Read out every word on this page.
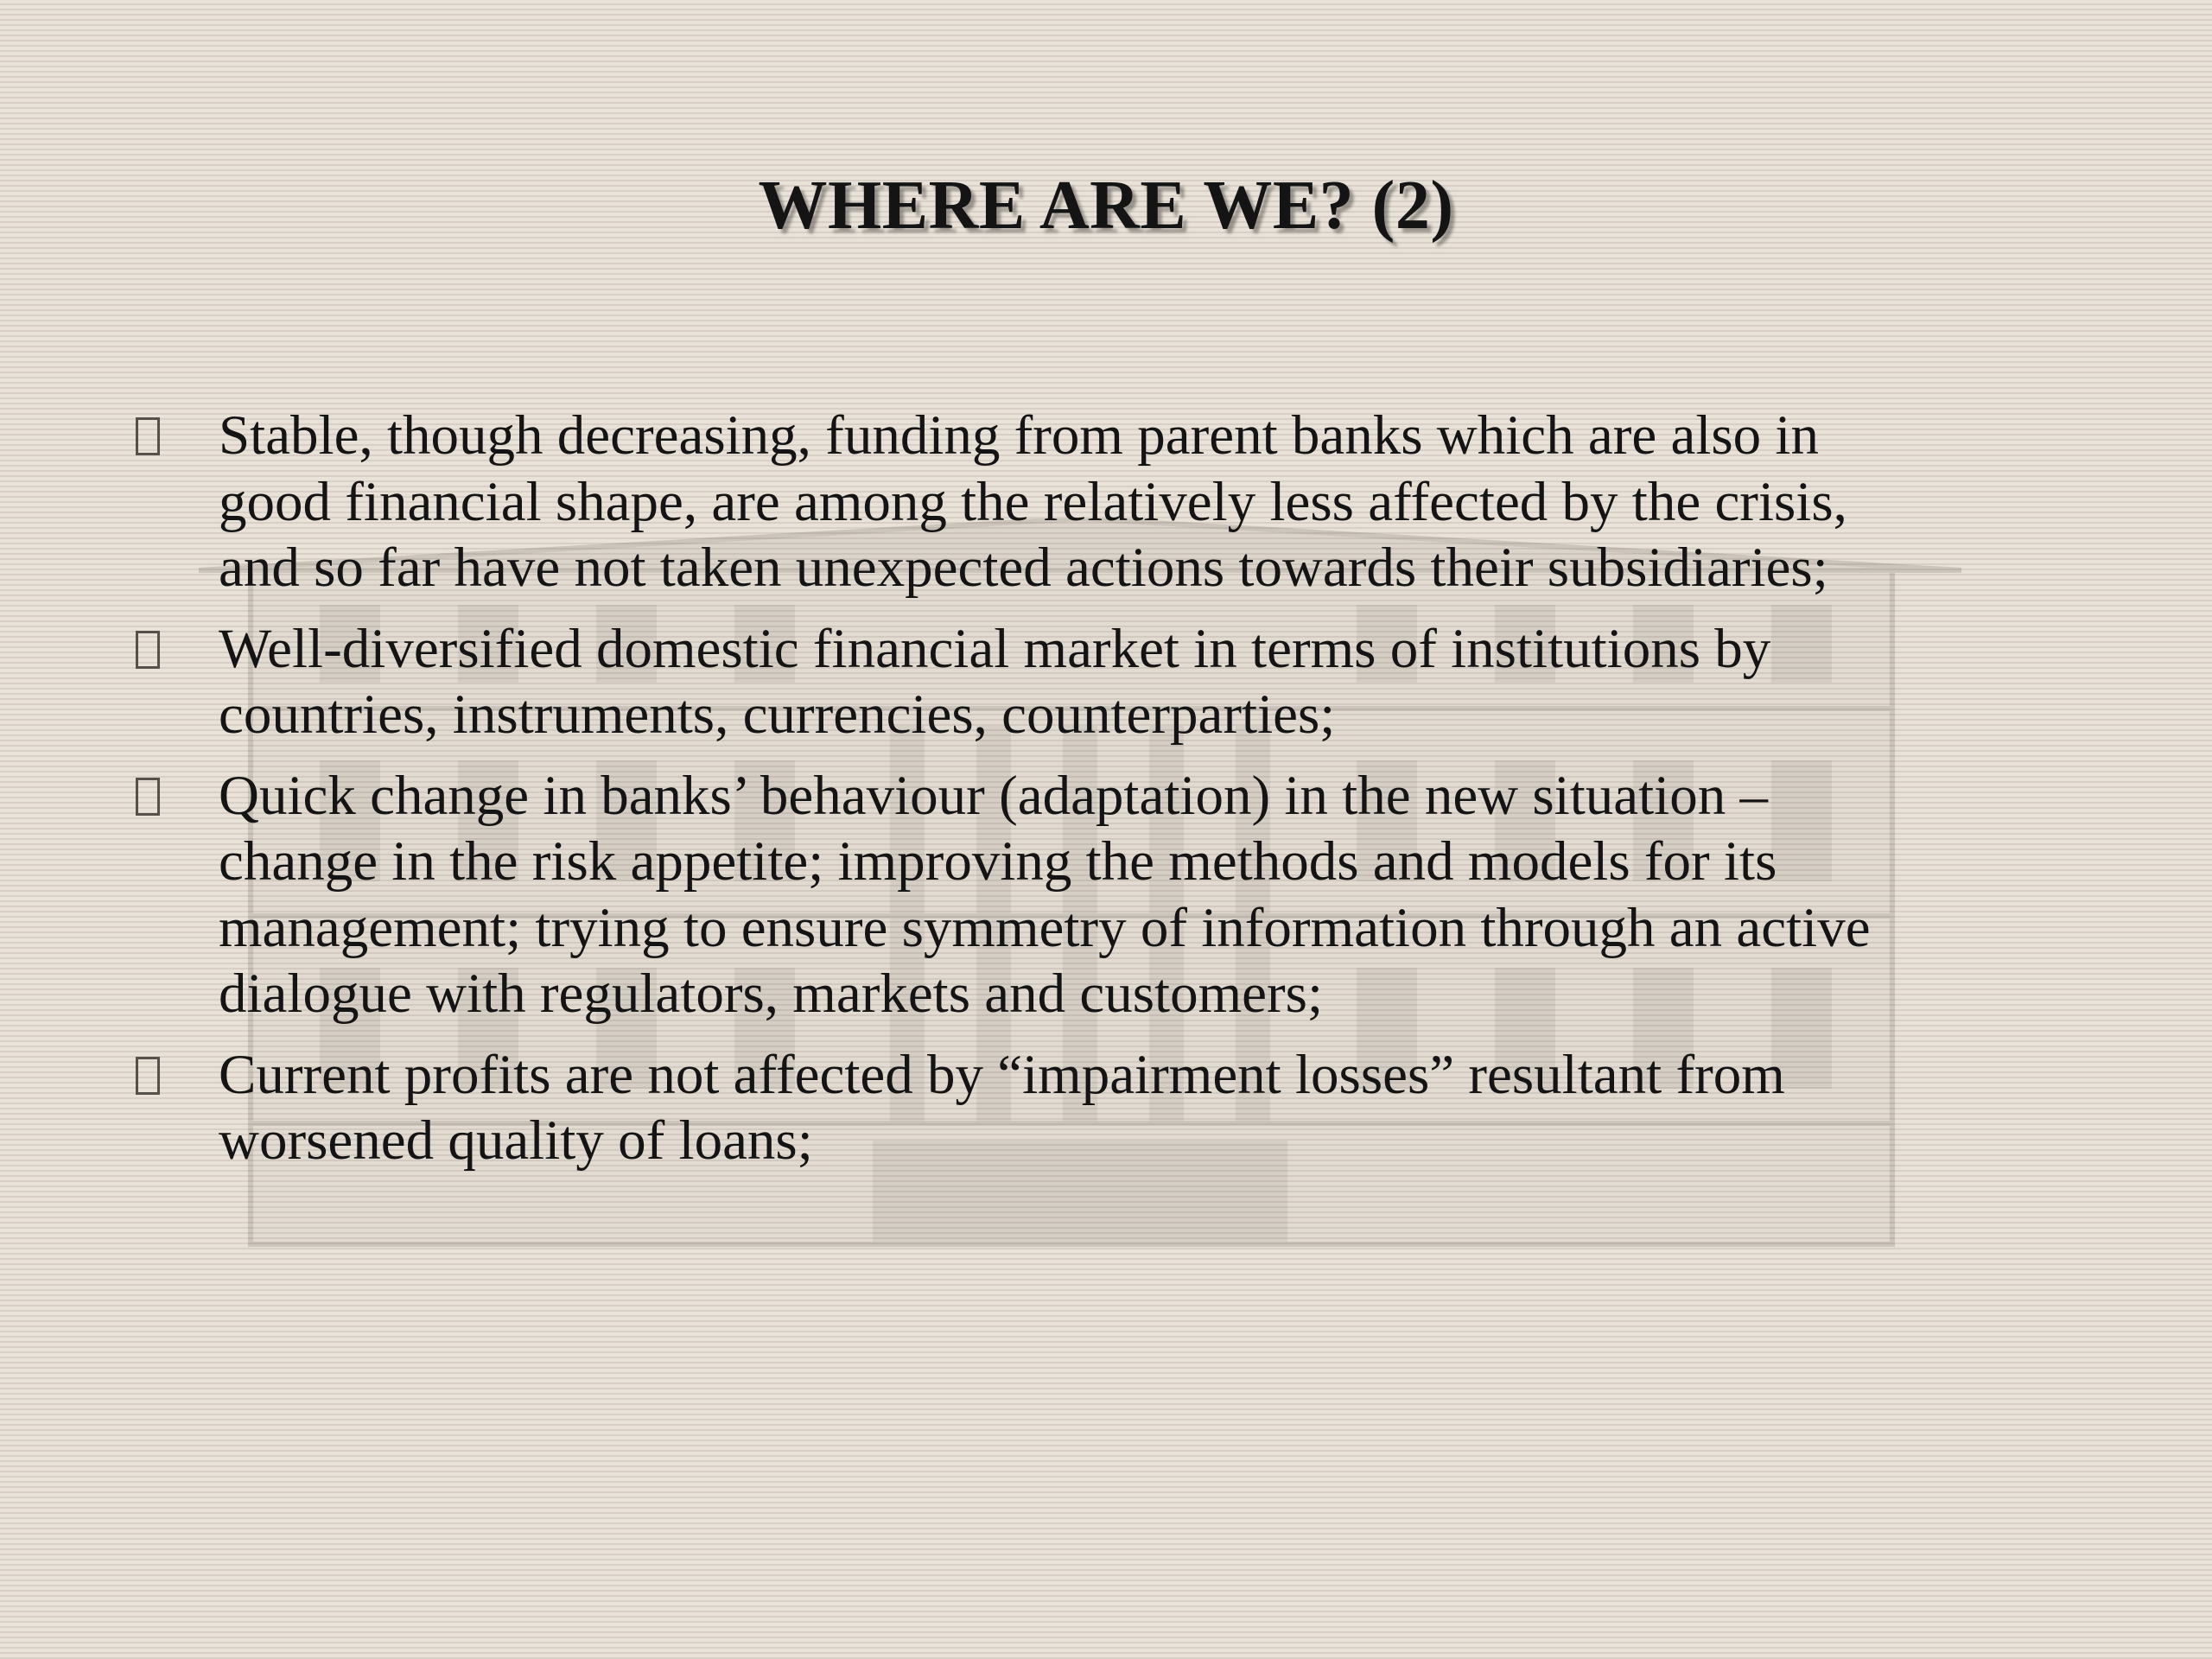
WHERE ARE WE? (2)
Stable, though decreasing, funding from parent banks which are also in
good financial shape, are among the relatively less affected by the crisis,
and so far have not taken unexpected actions towards their subsidiaries;
Well-diversified domestic financial market in terms of institutions by
countries, instruments, currencies, counterparties;
Quick change in banks’ behaviour (adaptation) in the new situation –
change in the risk appetite; improving the methods and models for its
management; trying to ensure symmetry of information through an active
dialogue with regulators, markets and customers;
Current profits are not affected by “impairment losses” resultant from
worsened quality of loans;
